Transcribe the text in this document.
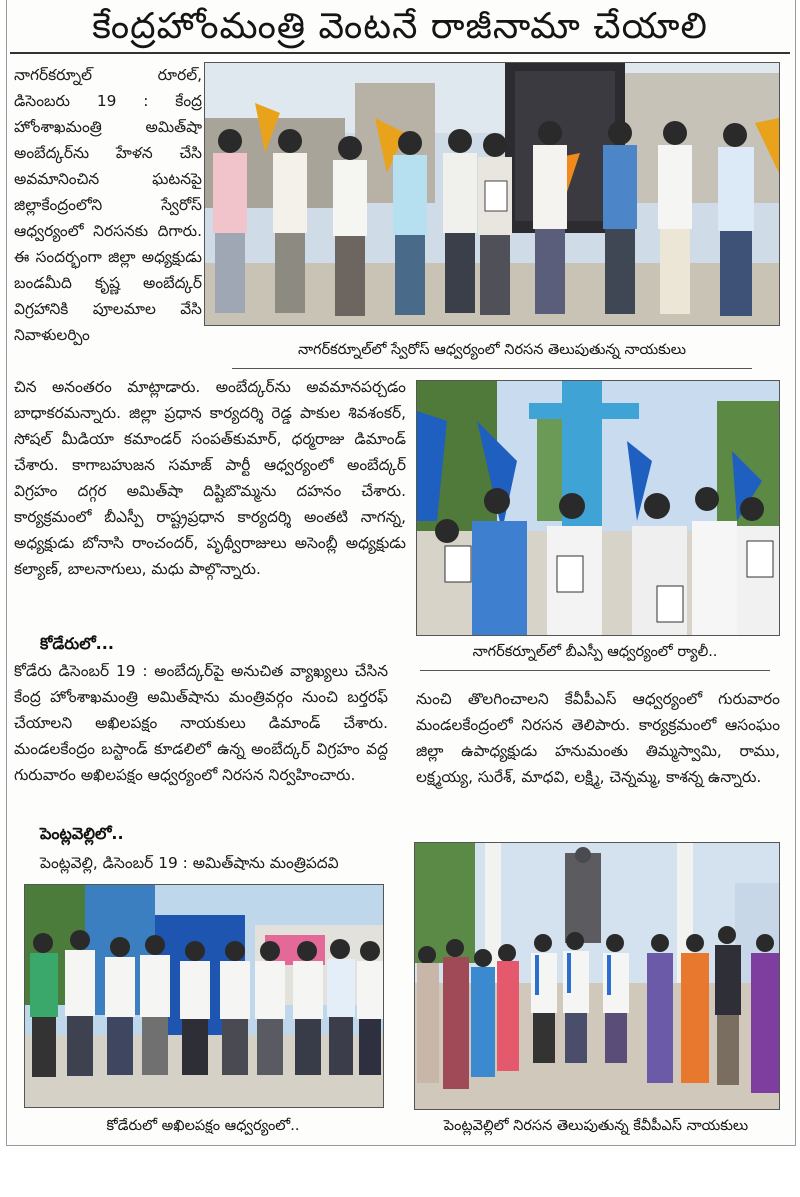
కేంద్రహోంమంత్రి వెంటనే రాజీనామా చేయాలి
నాగర్‌కర్నూల్ రూరల్, డిసెంబరు 19 : కేంద్ర హోంశాఖమంత్రి అమిత్‌షా అంబేద్కర్‌ను హేళన చేసి అవమానించిన ఘటనపై జిల్లాకేంద్రంలోని స్వేరోస్ ఆధ్వర్యంలో నిరసనకు దిగారు. ఈ సందర్భంగా జిల్లా అధ్యక్షుడు బండమీది కృష్ణ అంబేద్కర్ విగ్రహానికి పూలమాల వేసి నివాళులర్పిం
చిన అనంతరం మాట్లాడారు. అంబేద్కర్‌ను అవమానపర్చడం బాధాకరమన్నారు. జిల్లా ప్రధాన కార్యదర్శి రెడ్డ పాకుల శివశంకర్, సోషల్ మీడియా కమాండర్ సంపత్‌కుమార్, ధర్మరాజు డిమాండ్ చేశారు. కాగాబహుజన సమాజ్ పార్టీ ఆధ్వర్యంలో అంబేద్కర్ విగ్రహం దగ్గర అమిత్‌షా దిష్టిబొమ్మను దహనం చేశారు. కార్యక్రమంలో బీఎస్పీ రాష్ట్రప్రధాన కార్యదర్శి అంతటి నాగన్న, అధ్యక్షుడు బోనాసి రాంచందర్, పృథ్వీరాజులు అసెంబ్లీ అధ్యక్షుడు కల్యాణ్, బాలనాగులు, మధు పాల్గొన్నారు.
నాగర్‌కర్నూల్‌లో స్వేరోస్ ఆధ్వర్యంలో నిరసన తెలుపుతున్న నాయకులు
నాగర్‌కర్నూల్‌లో బీఎస్పీ ఆధ్వర్యంలో ర్యాలీ..
కోడేరులో...
కోడేరు డిసెంబర్ 19 : అంబేద్కర్‌పై అనుచిత వ్యాఖ్యలు చేసిన కేంద్ర హోంశాఖమంత్రి అమిత్‌షాను మంత్రివర్గం నుంచి బర్తరఫ్ చేయాలని అఖిలపక్షం నాయకులు డిమాండ్ చేశారు. మండలకేంద్రం బస్టాండ్ కూడలిలో ఉన్న అంబేద్కర్ విగ్రహం వద్ద గురువారం అఖిలపక్షం ఆధ్వర్యంలో నిరసన నిర్వహించారు.
నుంచి తొలగించాలని కేవీపీఎస్ ఆధ్వర్యంలో గురువారం మండలకేంద్రంలో నిరసన తెలిపారు. కార్యక్రమంలో ఆసంఘం జిల్లా ఉపాధ్యక్షుడు హనుమంతు తిమ్మస్వామి, రాము, లక్ష్మయ్య, సురేశ్, మాధవి, లక్ష్మి, చెన్నమ్మ, కాశన్న ఉన్నారు.
పెంట్లవెల్లిలో..
పెంట్లవెల్లి, డిసెంబర్ 19 : అమిత్‌షాను మంత్రిపదవి
కోడేరులో అఖిలపక్షం ఆధ్వర్యంలో..	పెంట్లవెల్లిలో నిరసన తెలుపుతున్న కేవీపీఎస్ నాయకులు
